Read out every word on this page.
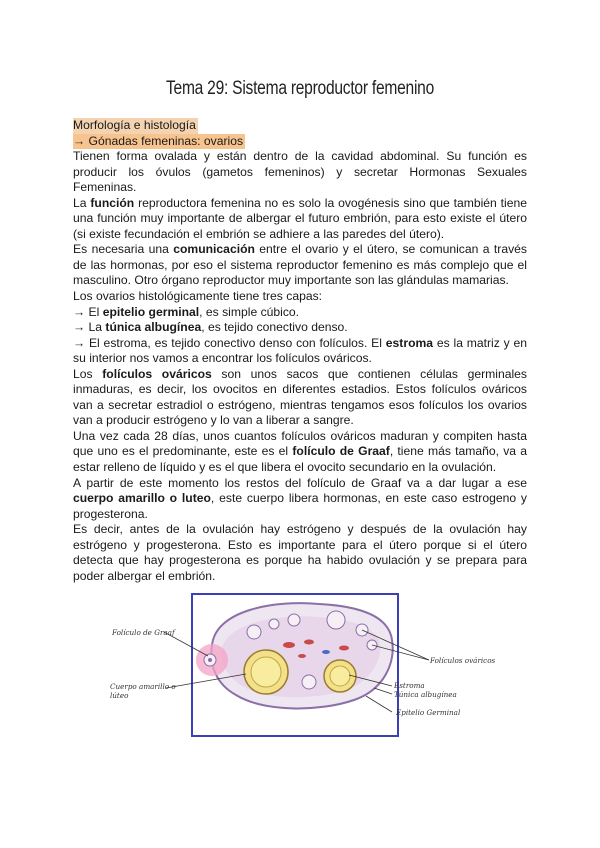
Tema 29: Sistema reproductor femenino

Morfología e histología

→ Gónadas femeninas: ovarios

Tienen forma ovalada y están dentro de la cavidad abdominal. Su función es producir los óvulos (gametos femeninos) y secretar Hormonas Sexuales Femeninas.

La función reproductora femenina no es solo la ovogénesis sino que también tiene una función muy importante de albergar el futuro embrión, para esto existe el útero (si existe fecundación el embrión se adhiere a las paredes del útero).

Es necesaria una comunicación entre el ovario y el útero, se comunican a través de las hormonas, por eso el sistema reproductor femenino es más complejo que el masculino. Otro órgano reproductor muy importante son las glándulas mamarias.

Los ovarios histológicamente tiene tres capas:

→ El epitelio germinal, es simple cúbico.

→ La túnica albugínea, es tejido conectivo denso.

→ El estroma, es tejido conectivo denso con folículos. El estroma es la matriz y en su interior nos vamos a encontrar los folículos ováricos.

Los folículos ováricos son unos sacos que contienen células germinales inmaduras, es decir, los ovocitos en diferentes estadios. Estos folículos ováricos van a secretar estradiol o estrógeno, mientras tengamos esos folículos los ovarios van a producir estrógeno y lo van a liberar a sangre.

Una vez cada 28 días, unos cuantos folículos ováricos maduran y compiten hasta que uno es el predominante, este es el folículo de Graaf, tiene más tamaño, va a estar relleno de líquido y es el que libera el ovocito secundario en la ovulación.

A partir de este momento los restos del folículo de Graaf va a dar lugar a ese cuerpo amarillo o luteo, este cuerpo libera hormonas, en este caso estrogeno y progesterona.

Es decir, antes de la ovulación hay estrógeno y después de la ovulación hay estrógeno y progesterona. Esto es importante para el útero porque si el útero detecta que hay progesterona es porque ha habido ovulación y se prepara para poder albergar el embrión.

Folículo de Graaf
Cuerpo amarillo o
lúteo
Folículos ováricos
Estroma
Túnica albugínea
Epitelio Germinal
